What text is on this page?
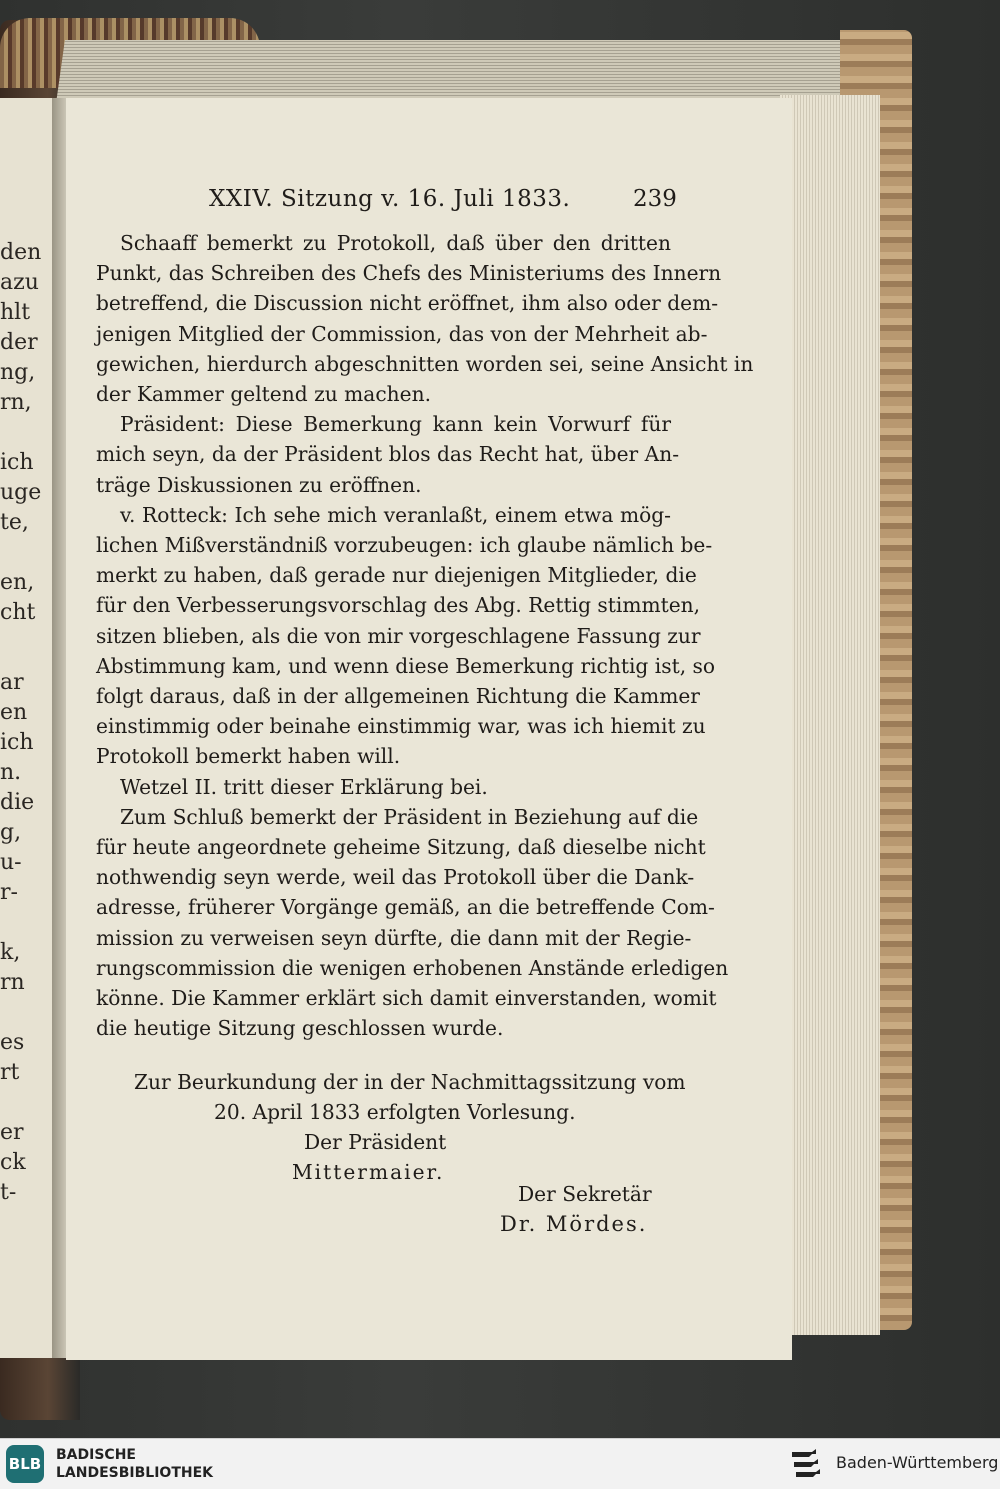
den
azu
hlt
der
ng,
rn,
ich
uge
te,
en,
cht
ar
en
ich
n.
die
g,
u-
r-
k,
rn
es
rt
er
ck
t-
XXIV. Sitzung v. 16. Juli 1833.	239
Zur Beurkundung der in der Nachmittagssitzung vom
20. April 1833 erfolgten Vorlesung.
Der Präsident
Mittermaier.
Der Sekretär
Dr. Mördes.
Schaaff bemerkt zu Protokoll, daß über den dritten
Punkt, das Schreiben des Chefs des Ministeriums des Innern
betreffend, die Discussion nicht eröffnet, ihm also oder dem-
jenigen Mitglied der Commission, das von der Mehrheit ab-
gewichen, hierdurch abgeschnitten worden sei, seine Ansicht in
der Kammer geltend zu machen.
Präsident: Diese Bemerkung kann kein Vorwurf für
mich seyn, da der Präsident blos das Recht hat, über An-
träge Diskussionen zu eröffnen.
v. Rotteck: Ich sehe mich veranlaßt, einem etwa mög-
lichen Mißverständniß vorzubeugen: ich glaube nämlich be-
merkt zu haben, daß gerade nur diejenigen Mitglieder, die
für den Verbesserungsvorschlag des Abg. Rettig stimmten,
sitzen blieben, als die von mir vorgeschlagene Fassung zur
Abstimmung kam, und wenn diese Bemerkung richtig ist, so
folgt daraus, daß in der allgemeinen Richtung die Kammer
einstimmig oder beinahe einstimmig war, was ich hiemit zu
Protokoll bemerkt haben will.
Wetzel II. tritt dieser Erklärung bei.
Zum Schluß bemerkt der Präsident in Beziehung auf die
für heute angeordnete geheime Sitzung, daß dieselbe nicht
nothwendig seyn werde, weil das Protokoll über die Dank-
adresse, früherer Vorgänge gemäß, an die betreffende Com-
mission zu verweisen seyn dürfte, die dann mit der Regie-
rungscommission die wenigen erhobenen Anstände erledigen
könne. Die Kammer erklärt sich damit einverstanden, womit
die heutige Sitzung geschlossen wurde.
BLB BADISCHE
LANDESBIBLIOTHEK
Baden-Württemberg
